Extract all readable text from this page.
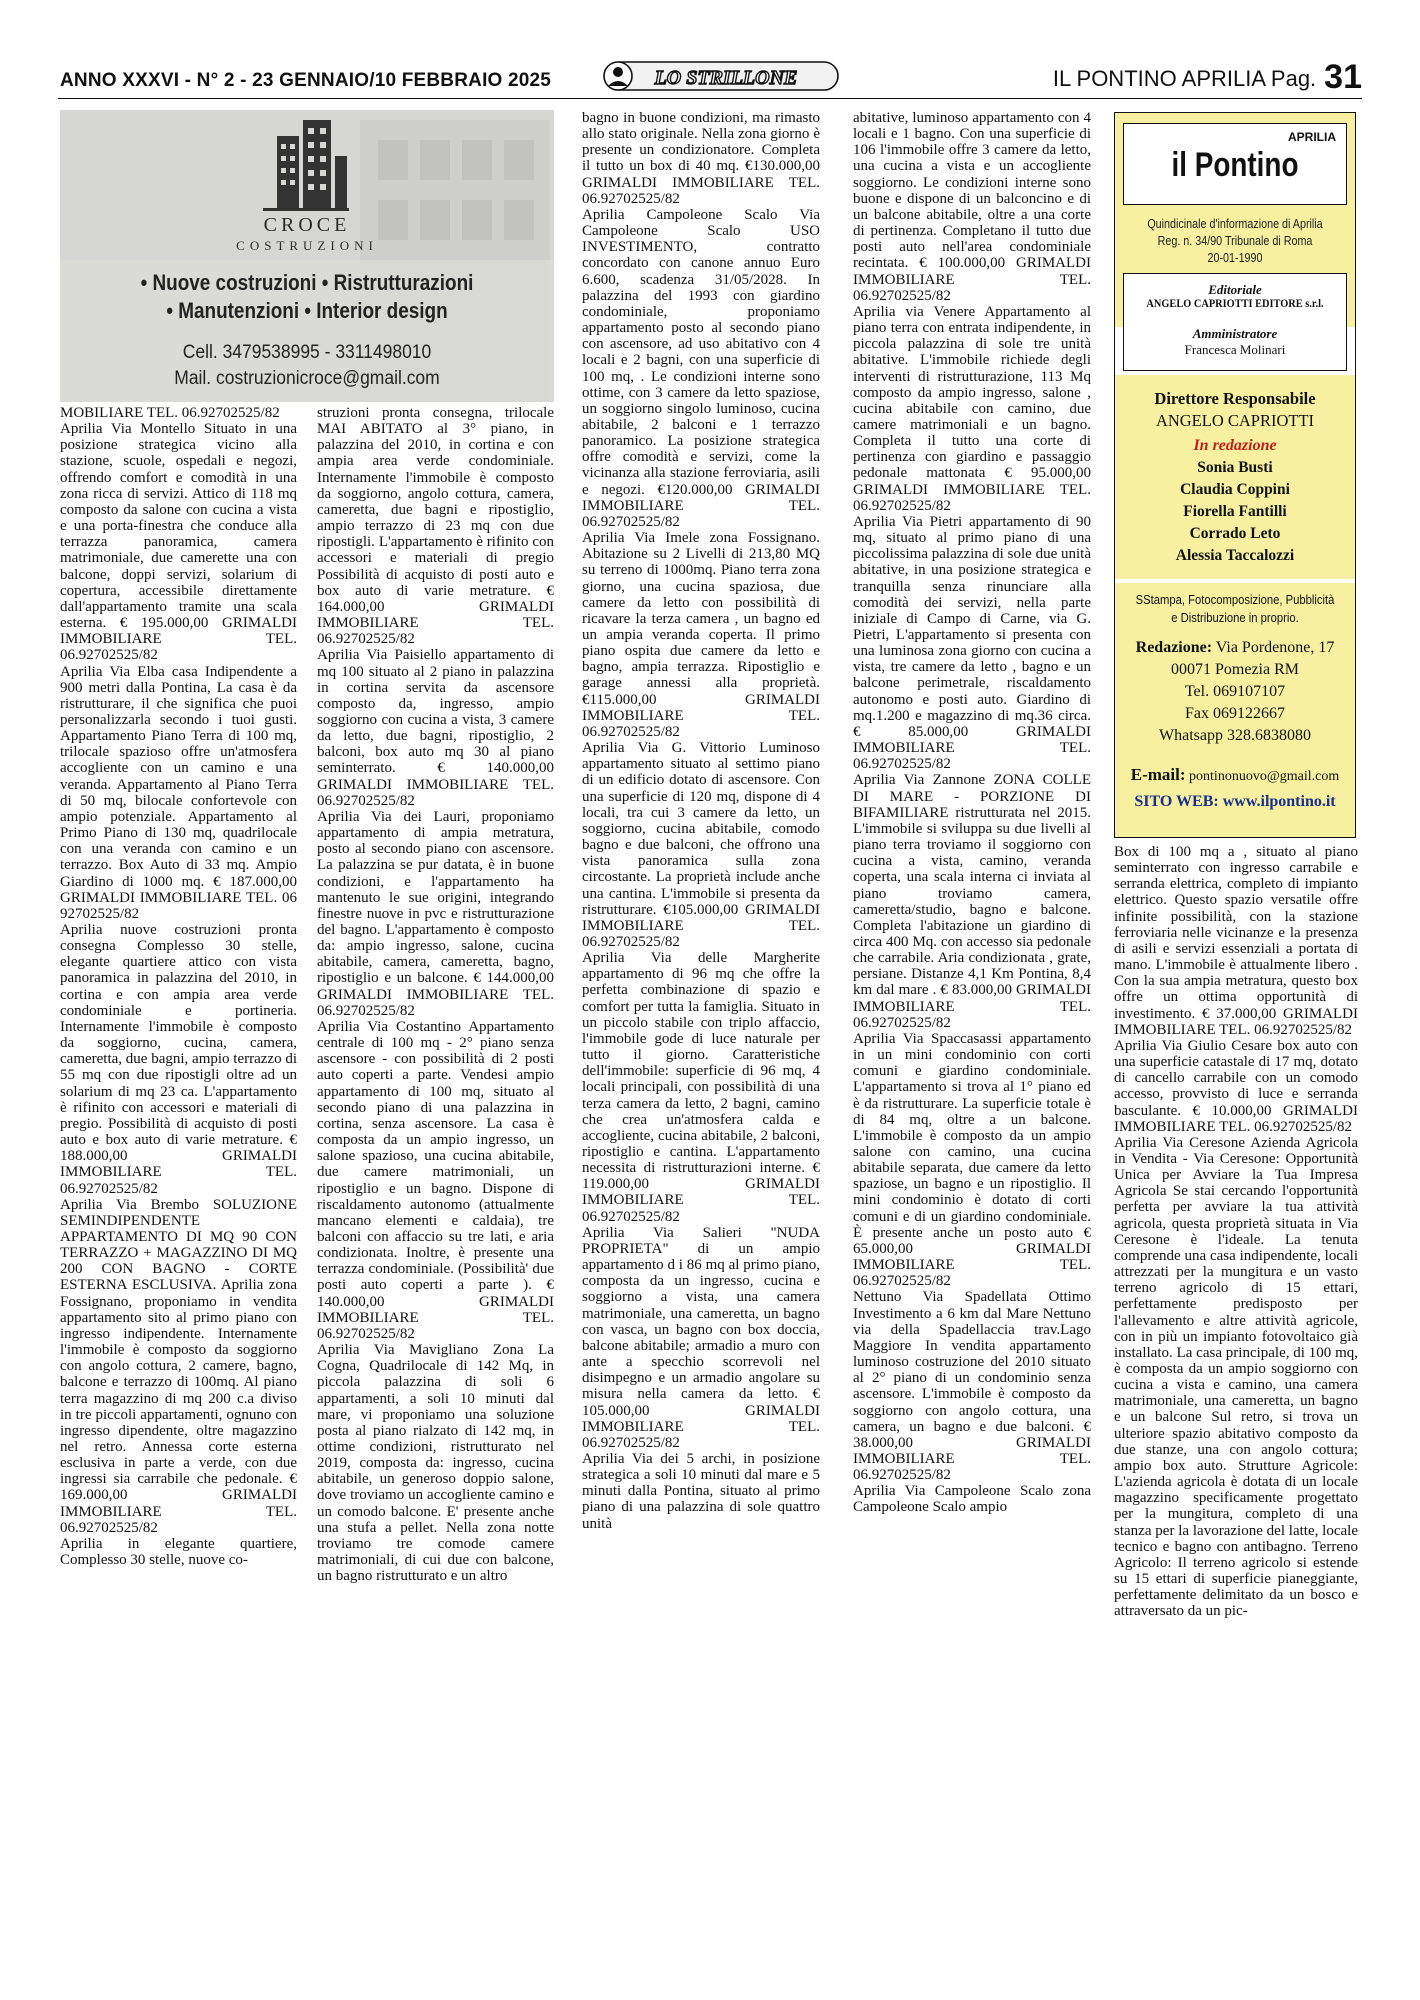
ANNO XXXVI - N° 2 - 23 GENNAIO/10 FEBBRAIO 2025	LO STRILLONE	IL PONTINO APRILIA Pag. 31
CROCE
COSTRUZIONI
• Nuove costruzioni • Ristrutturazioni
• Manutenzioni • Interior design
Cell. 3479538995 - 3311498010
Mail. costruzionicroce@gmail.com
APRILIA
il Pontino
Quindicinale d'informazione di Aprilia
Reg. n. 34/90 Tribunale di Roma
20-01-1990
Editoriale
ANGELO CAPRIOTTI EDITORE s.r.l.
Amministratore
Francesca Molinari
Direttore Responsabile
ANGELO CAPRIOTTI
In redazione
Sonia Busti
Claudia Coppini
Fiorella Fantilli
Corrado Leto
Alessia Taccalozzi
SStampa, Fotocomposizione, Pubblicità
e Distribuzione in proprio.
Redazione: Via Pordenone, 17
00071 Pomezia RM
Tel. 069107107
Fax 069122667
Whatsapp 328.6838080
E-mail: pontinonuovo@gmail.com
SITO WEB: www.ilpontino.it

MOBILIARE TEL. 06.92702525/82
Aprilia Via Montello Situato in una posizione strategica vicino alla stazione, scuole, ospedali e negozi, offrendo comfort e comodità in una zona ricca di servizi. Attico di 118 mq composto da salone con cucina a vista e una porta-finestra che conduce alla terrazza panoramica, camera matrimoniale, due camerette una con balcone, doppi servizi, solarium di copertura, accessibile direttamente dall'appartamento tramite una scala esterna. € 195.000,00 GRIMALDI IMMOBILIARE TEL. 06.92702525/82
Aprilia Via Elba casa Indipendente a 900 metri dalla Pontina, La casa è da ristrutturare, il che significa che puoi personalizzarla secondo i tuoi gusti. Appartamento Piano Terra di 100 mq, trilocale spazioso offre un'atmosfera accogliente con un camino e una veranda. Appartamento al Piano Terra di 50 mq, bilocale confortevole con ampio potenziale. Appartamento al Primo Piano di 130 mq, quadrilocale con una veranda con camino e un terrazzo. Box Auto di 33 mq. Ampio Giardino di 1000 mq. € 187.000,00 GRIMALDI IMMOBILIARE TEL. 06 92702525/82
Aprilia nuove costruzioni pronta consegna Complesso 30 stelle, elegante quartiere attico con vista panoramica in palazzina del 2010, in cortina e con ampia area verde condominiale e portineria. Internamente l'immobile è composto da soggiorno, cucina, camera, cameretta, due bagni, ampio terrazzo di 55 mq con due ripostigli oltre ad un solarium di mq 23 ca. L'appartamento è rifinito con accessori e materiali di pregio. Possibilità di acquisto di posti auto e box auto di varie metrature. € 188.000,00 GRIMALDI IMMOBILIARE TEL. 06.92702525/82
Aprilia Via Brembo SOLUZIONE SEMINDIPENDENTE APPARTAMENTO DI MQ 90 CON TERRAZZO + MAGAZZINO DI MQ 200 CON BAGNO - CORTE ESTERNA ESCLUSIVA. Aprilia zona Fossignano, proponiamo in vendita appartamento sito al primo piano con ingresso indipendente. Internamente l'immobile è composto da soggiorno con angolo cottura, 2 camere, bagno, balcone e terrazzo di 100mq. Al piano terra magazzino di mq 200 c.a diviso in tre piccoli appartamenti, ognuno con ingresso dipendente, oltre magazzino nel retro. Annessa corte esterna esclusiva in parte a verde, con due ingressi sia carrabile che pedonale. € 169.000,00 GRIMALDI IMMOBILIARE TEL. 06.92702525/82
Aprilia in elegante quartiere, Complesso 30 stelle, nuove co-

struzioni pronta consegna, trilocale MAI ABITATO al 3° piano, in palazzina del 2010, in cortina e con ampia area verde condominiale. Internamente l'immobile è composto da soggiorno, angolo cottura, camera, cameretta, due bagni e ripostiglio, ampio terrazzo di 23 mq con due ripostigli. L'appartamento è rifinito con accessori e materiali di pregio Possibilità di acquisto di posti auto e box auto di varie metrature. € 164.000,00 GRIMALDI IMMOBILIARE TEL. 06.92702525/82
Aprilia Via Paisiello appartamento di mq 100 situato al 2 piano in palazzina in cortina servita da ascensore composto da, ingresso, ampio soggiorno con cucina a vista, 3 camere da letto, due bagni, ripostiglio, 2 balconi, box auto mq 30 al piano seminterrato. € 140.000,00 GRIMALDI IMMOBILIARE TEL. 06.92702525/82
Aprilia Via dei Lauri, proponiamo appartamento di ampia metratura, posto al secondo piano con ascensore. La palazzina se pur datata, è in buone condizioni, e l'appartamento ha mantenuto le sue origini, integrando finestre nuove in pvc e ristrutturazione del bagno. L'appartamento è composto da: ampio ingresso, salone, cucina abitabile, camera, cameretta, bagno, ripostiglio e un balcone. € 144.000,00 GRIMALDI IMMOBILIARE TEL. 06.92702525/82
Aprilia Via Costantino Appartamento centrale di 100 mq - 2° piano senza ascensore - con possibilità di 2 posti auto coperti a parte. Vendesi ampio appartamento di 100 mq, situato al secondo piano di una palazzina in cortina, senza ascensore. La casa è composta da un ampio ingresso, un salone spazioso, una cucina abitabile, due camere matrimoniali, un ripostiglio e un bagno. Dispone di riscaldamento autonomo (attualmente mancano elementi e caldaia), tre balconi con affaccio su tre lati, e aria condizionata. Inoltre, è presente una terrazza condominiale. (Possibilità' due posti auto coperti a parte ). € 140.000,00 GRIMALDI IMMOBILIARE TEL. 06.92702525/82
Aprilia Via Mavigliano Zona La Cogna, Quadrilocale di 142 Mq, in piccola palazzina di soli 6 appartamenti, a soli 10 minuti dal mare, vi proponiamo una soluzione posta al piano rialzato di 142 mq, in ottime condizioni, ristrutturato nel 2019, composta da: ingresso, cucina abitabile, un generoso doppio salone, dove troviamo un accogliente camino e un comodo balcone. E' presente anche una stufa a pellet. Nella zona notte troviamo tre comode camere matrimoniali, di cui due con balcone, un bagno ristrutturato e un altro

bagno in buone condizioni, ma rimasto allo stato originale. Nella zona giorno è presente un condizionatore. Completa il tutto un box di 40 mq. €130.000,00 GRIMALDI IMMOBILIARE TEL. 06.92702525/82
Aprilia Campoleone Scalo Via Campoleone Scalo USO INVESTIMENTO, contratto concordato con canone annuo Euro 6.600, scadenza 31/05/2028. In palazzina del 1993 con giardino condominiale, proponiamo appartamento posto al secondo piano con ascensore, ad uso abitativo con 4 locali e 2 bagni, con una superficie di 100 mq, . Le condizioni interne sono ottime, con 3 camere da letto spaziose, un soggiorno singolo luminoso, cucina abitabile, 2 balconi e 1 terrazzo panoramico. La posizione strategica offre comodità e servizi, come la vicinanza alla stazione ferroviaria, asili e negozi. €120.000,00 GRIMALDI IMMOBILIARE TEL. 06.92702525/82
Aprilia Via Imele zona Fossignano. Abitazione su 2 Livelli di 213,80 MQ su terreno di 1000mq. Piano terra zona giorno, una cucina spaziosa, due camere da letto con possibilità di ricavare la terza camera , un bagno ed un ampia veranda coperta. Il primo piano ospita due camere da letto e bagno, ampia terrazza. Ripostiglio e garage annessi alla proprietà. €115.000,00 GRIMALDI IMMOBILIARE TEL. 06.92702525/82
Aprilia Via G. Vittorio Luminoso appartamento situato al settimo piano di un edificio dotato di ascensore. Con una superficie di 120 mq, dispone di 4 locali, tra cui 3 camere da letto, un soggiorno, cucina abitabile, comodo bagno e due balconi, che offrono una vista panoramica sulla zona circostante. La proprietà include anche una cantina. L'immobile si presenta da ristrutturare. €105.000,00 GRIMALDI IMMOBILIARE TEL. 06.92702525/82
Aprilia Via delle Margherite appartamento di 96 mq che offre la perfetta combinazione di spazio e comfort per tutta la famiglia. Situato in un piccolo stabile con triplo affaccio, l'immobile gode di luce naturale per tutto il giorno. Caratteristiche dell'immobile: superficie di 96 mq, 4 locali principali, con possibilità di una terza camera da letto, 2 bagni, camino che crea un'atmosfera calda e accogliente, cucina abitabile, 2 balconi, ripostiglio e cantina. L'appartamento necessita di ristrutturazioni interne. € 119.000,00 GRIMALDI IMMOBILIARE TEL. 06.92702525/82
Aprilia Via Salieri "NUDA PROPRIETA" di un ampio appartamento d i 86 mq al primo piano, composta da un ingresso, cucina e soggiorno a vista, una camera matrimoniale, una cameretta, un bagno con vasca, un bagno con box doccia, balcone abitabile; armadio a muro con ante a specchio scorrevoli nel disimpegno e un armadio angolare su misura nella camera da letto. € 105.000,00 GRIMALDI IMMOBILIARE TEL. 06.92702525/82
Aprilia Via dei 5 archi, in posizione strategica a soli 10 minuti dal mare e 5 minuti dalla Pontina, situato al primo piano di una palazzina di sole quattro unità

abitative, luminoso appartamento con 4 locali e 1 bagno. Con una superficie di 106 l'immobile offre 3 camere da letto, una cucina a vista e un accogliente soggiorno. Le condizioni interne sono buone e dispone di un balconcino e di un balcone abitabile, oltre a una corte di pertinenza. Completano il tutto due posti auto nell'area condominiale recintata. € 100.000,00 GRIMALDI IMMOBILIARE TEL. 06.92702525/82
Aprilia via Venere Appartamento al piano terra con entrata indipendente, in piccola palazzina di sole tre unità abitative. L'immobile richiede degli interventi di ristrutturazione, 113 Mq composto da ampio ingresso, salone , cucina abitabile con camino, due camere matrimoniali e un bagno. Completa il tutto una corte di pertinenza con giardino e passaggio pedonale mattonata € 95.000,00 GRIMALDI IMMOBILIARE TEL. 06.92702525/82
Aprilia Via Pietri appartamento di 90 mq, situato al primo piano di una piccolissima palazzina di sole due unità abitative, in una posizione strategica e tranquilla senza rinunciare alla comodità dei servizi, nella parte iniziale di Campo di Carne, via G. Pietri, L'appartamento si presenta con una luminosa zona giorno con cucina a vista, tre camere da letto , bagno e un balcone perimetrale, riscaldamento autonomo e posti auto. Giardino di mq.1.200 e magazzino di mq.36 circa. € 85.000,00 GRIMALDI IMMOBILIARE TEL. 06.92702525/82
Aprilia Via Zannone ZONA COLLE DI MARE - PORZIONE DI BIFAMILIARE ristrutturata nel 2015. L'immobile si sviluppa su due livelli al piano terra troviamo il soggiorno con cucina a vista, camino, veranda coperta, una scala interna ci inviata al piano troviamo camera, cameretta/studio, bagno e balcone. Completa l'abitazione un giardino di circa 400 Mq. con accesso sia pedonale che carrabile. Aria condizionata , grate, persiane. Distanze 4,1 Km Pontina, 8,4 km dal mare . € 83.000,00 GRIMALDI IMMOBILIARE TEL. 06.92702525/82
Aprilia Via Spaccasassi appartamento in un mini condominio con corti comuni e giardino condominiale. L'appartamento si trova al 1° piano ed è da ristrutturare. La superficie totale è di 84 mq, oltre a un balcone. L'immobile è composto da un ampio salone con camino, una cucina abitabile separata, due camere da letto spaziose, un bagno e un ripostiglio. Il mini condominio è dotato di corti comuni e di un giardino condominiale. È presente anche un posto auto € 65.000,00 GRIMALDI IMMOBILIARE TEL. 06.92702525/82
Nettuno Via Spadellata Ottimo Investimento a 6 km dal Mare Nettuno via della Spadellaccia trav.Lago Maggiore In vendita appartamento luminoso costruzione del 2010 situato al 2° piano di un condominio senza ascensore. L'immobile è composto da soggiorno con angolo cottura, una camera, un bagno e due balconi. € 38.000,00 GRIMALDI IMMOBILIARE TEL. 06.92702525/82
Aprilia Via Campoleone Scalo zona Campoleone Scalo ampio

Box di 100 mq a , situato al piano seminterrato con ingresso carrabile e serranda elettrica, completo di impianto elettrico. Questo spazio versatile offre infinite possibilità, con la stazione ferroviaria nelle vicinanze e la presenza di asili e servizi essenziali a portata di mano. L'immobile è attualmente libero . Con la sua ampia metratura, questo box offre un ottima opportunità di investimento. € 37.000,00 GRIMALDI IMMOBILIARE TEL. 06.92702525/82
Aprilia Via Giulio Cesare box auto con una superficie catastale di 17 mq, dotato di cancello carrabile con un comodo accesso, provvisto di luce e serranda basculante. € 10.000,00 GRIMALDI IMMOBILIARE TEL. 06.92702525/82
Aprilia Via Ceresone Azienda Agricola in Vendita - Via Ceresone: Opportunità Unica per Avviare la Tua Impresa Agricola Se stai cercando l'opportunità perfetta per avviare la tua attività agricola, questa proprietà situata in Via Ceresone è l'ideale. La tenuta comprende una casa indipendente, locali attrezzati per la mungitura e un vasto terreno agricolo di 15 ettari, perfettamente predisposto per l'allevamento e altre attività agricole, con in più un impianto fotovoltaico già installato. La casa principale, di 100 mq, è composta da un ampio soggiorno con cucina a vista e camino, una camera matrimoniale, una cameretta, un bagno e un balcone Sul retro, si trova un ulteriore spazio abitativo composto da due stanze, una con angolo cottura; ampio box auto. Strutture Agricole: L'azienda agricola è dotata di un locale magazzino specificamente progettato per la mungitura, completo di una stanza per la lavorazione del latte, locale tecnico e bagno con antibagno. Terreno Agricolo: Il terreno agricolo si estende su 15 ettari di superficie pianeggiante, perfettamente delimitato da un bosco e attraversato da un pic-
